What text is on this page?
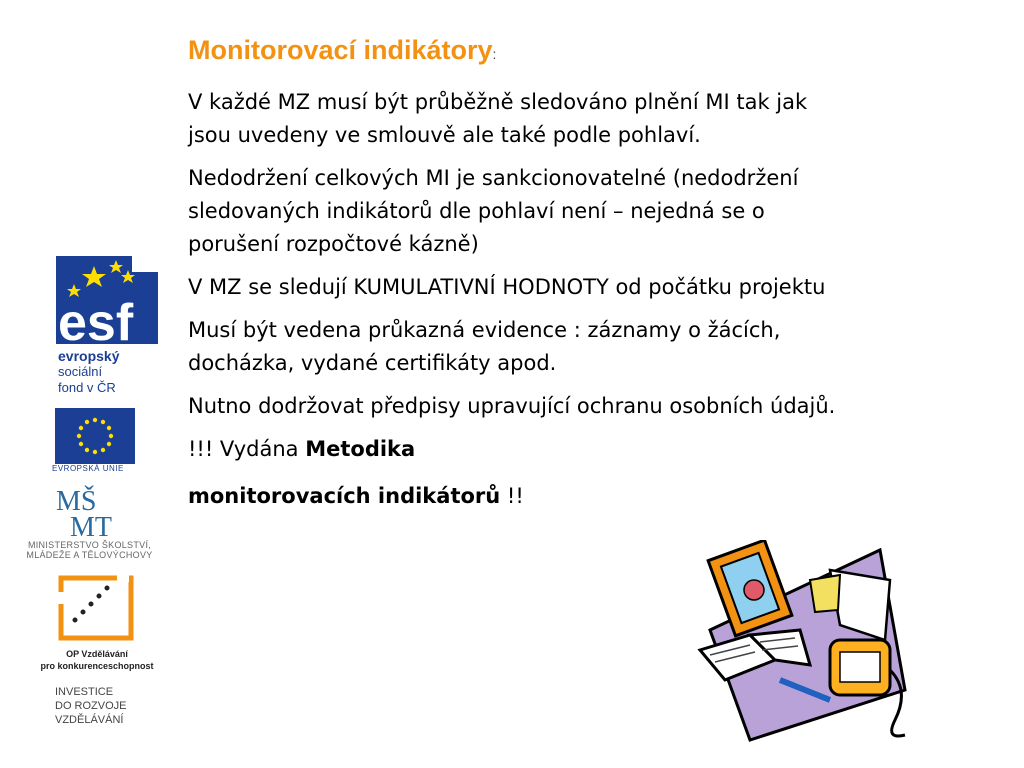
esf
evropský
sociální
fond v ČR
EVROPSKÁ UNIE
MŠ
MT
MINISTERSTVO ŠKOLSTVÍ,
MLÁDEŽE A TĚLOVÝCHOVY
OP Vzdělávání
pro konkurenceschopnost
INVESTICE
DO ROZVOJE
VZDĚLÁVÁNÍ
Monitorovací indikátory:
V každé MZ musí být průběžně sledováno plnění MI tak jak
jsou uvedeny ve smlouvě ale také podle pohlaví.
Nedodržení celkových MI je sankcionovatelné (nedodržení
sledovaných indikátorů dle pohlaví není – nejedná se o
porušení rozpočtové kázně)
V MZ se sledují KUMULATIVNÍ HODNOTY od počátku projektu
Musí být vedena průkazná evidence : záznamy o žácích,
docházka, vydané certifikáty apod.
Nutno dodržovat předpisy upravující ochranu osobních údajů.
!!! Vydána Metodika
monitorovacích indikátorů !!
